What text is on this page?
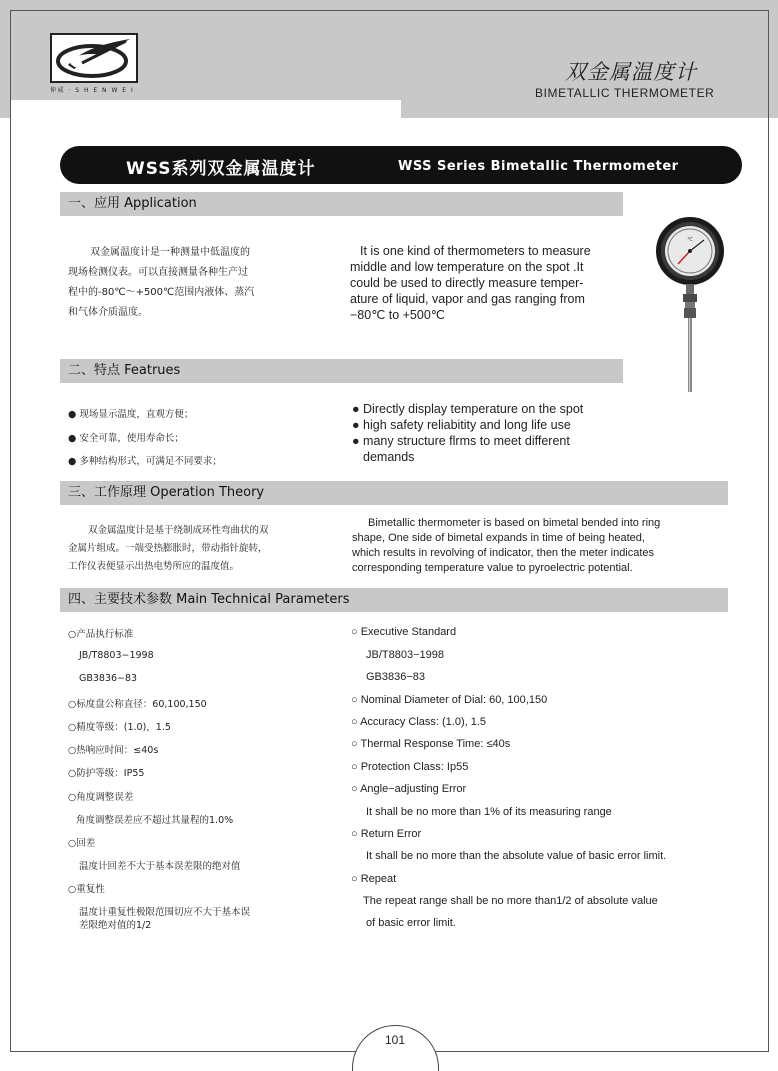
伸威 · S H E N W E I
双金属温度计
BIMETALLIC THERMOMETER
WSS系列双金属温度计	WSS Series Bimetallic Thermometer
一、应用 Application
双金属温度计是一种测量中低温度的
现场检测仪表。可以直接测量各种生产过
程中的-80℃～+500℃范围内液体、蒸汽
和气体介质温度。
It is one kind of thermometers to measure
middle and low temperature on the spot .It
could be used to directly measure temper-
ature of liquid, vapor and gas ranging from
−80℃ to +500℃
℃
二、特点 Featrues
● 现场显示温度，直观方便；
● 安全可靠，使用寿命长；
● 多种结构形式，可满足不同要求；
● Directly display temperature on the spot
● high safety reliabitity and long life use
● many structure flrms to meet different
demands
三、工作原理 Operation Theory
双金属温度计是基于绕制成环性弯曲状的双
金属片组成。一端受热膨胀时，带动指针旋转，
工作仪表便显示出热电势所应的温度值。
Bimetallic thermometer is based on bimetal bended into ring
shape, One side of bimetal expands in time of being heated,
which results in revolving of indicator, then the meter indicates
corresponding temperature value to pyroelectric potential.
四、主要技术参数 Main Technical Parameters
○产品执行标准
JB/T8803−1998
GB3836−83
○标度盘公称直径：60,100,150
○精度等级：(1.0)，1.5
○热响应时间：≤40s
○防护等级：IP55
○角度调整误差
角度调整误差应不超过其量程的1.0%
○回差
温度计回差不大于基本误差限的绝对值
○重复性
温度计重复性极限范围切应不大于基本误
差限绝对值的1/2
○ Executive Standard
JB/T8803−1998
GB3836−83
○ Nominal Diameter of Dial: 60, 100,150
○ Accuracy Class: (1.0), 1.5
○ Thermal Response Time: ≤40s
○ Protection Class: Ip55
○ Angle−adjusting Error
It shall be no more than 1% of its measuring range
○ Return Error
It shall be no more than the absolute value of basic error limit.
○ Repeat
The repeat range shall be no more than1/2 of absolute value
of basic error limit.
101
